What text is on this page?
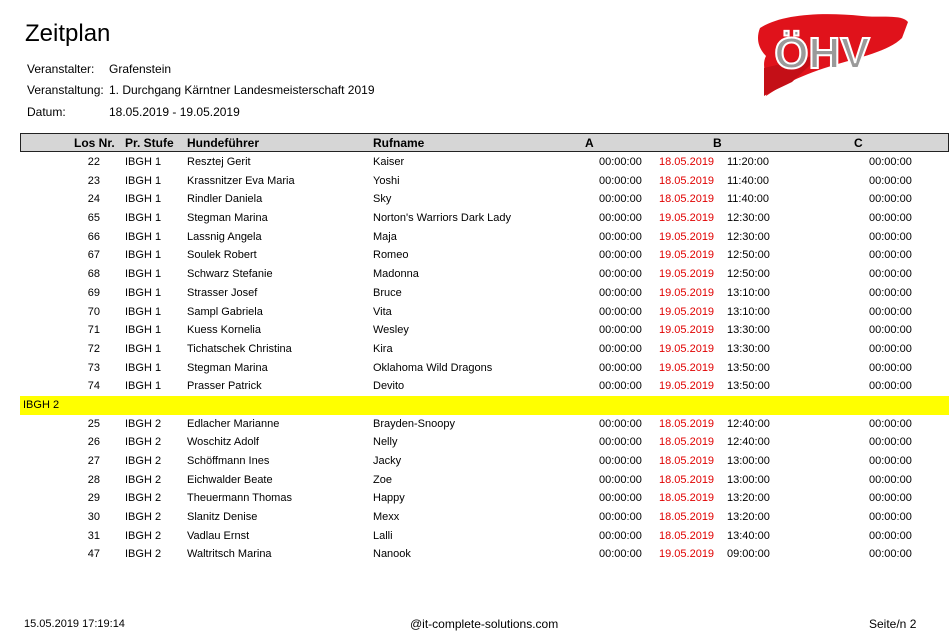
Zeitplan
Veranstalter: Grafenstein
Veranstaltung: 1. Durchgang Kärntner Landesmeisterschaft 2019
Datum:	18.05.2019 - 19.05.2019
ÖHV
Los Nr. Pr. Stufe Hundeführer	Rufname	A	B	C
22 IBGH 1 Resztej Gerit	Kaiser	00:00:00 18.05.2019 11:20:00	00:00:00
23 IBGH 1 Krassnitzer Eva Maria	Yoshi	00:00:00 18.05.2019 11:40:00	00:00:00
24 IBGH 1 Rindler Daniela	Sky	00:00:00 18.05.2019 11:40:00	00:00:00
65 IBGH 1 Stegman Marina	Norton's Warriors Dark Lady	00:00:00 19.05.2019 12:30:00	00:00:00
66 IBGH 1 Lassnig Angela	Maja	00:00:00 19.05.2019 12:30:00	00:00:00
67 IBGH 1 Soulek Robert	Romeo	00:00:00 19.05.2019 12:50:00	00:00:00
68 IBGH 1 Schwarz Stefanie	Madonna	00:00:00 19.05.2019 12:50:00	00:00:00
69 IBGH 1 Strasser Josef	Bruce	00:00:00 19.05.2019 13:10:00	00:00:00
70 IBGH 1 Sampl Gabriela	Vita	00:00:00 19.05.2019 13:10:00	00:00:00
71 IBGH 1 Kuess Kornelia	Wesley	00:00:00 19.05.2019 13:30:00	00:00:00
72 IBGH 1 Tichatschek Christina	Kira	00:00:00 19.05.2019 13:30:00	00:00:00
73 IBGH 1 Stegman Marina	Oklahoma Wild Dragons	00:00:00 19.05.2019 13:50:00	00:00:00
74 IBGH 1 Prasser Patrick	Devito	00:00:00 19.05.2019 13:50:00	00:00:00
IBGH 2
25 IBGH 2 Edlacher Marianne	Brayden-Snoopy	00:00:00 18.05.2019 12:40:00	00:00:00
26 IBGH 2 Woschitz Adolf	Nelly	00:00:00 18.05.2019 12:40:00	00:00:00
27 IBGH 2 Schöffmann Ines	Jacky	00:00:00 18.05.2019 13:00:00	00:00:00
28 IBGH 2 Eichwalder Beate	Zoe	00:00:00 18.05.2019 13:00:00	00:00:00
29 IBGH 2 Theuermann Thomas	Happy	00:00:00 18.05.2019 13:20:00	00:00:00
30 IBGH 2 Slanitz Denise	Mexx	00:00:00 18.05.2019 13:20:00	00:00:00
31 IBGH 2 Vadlau Ernst	Lalli	00:00:00 18.05.2019 13:40:00	00:00:00
47 IBGH 2 Waltritsch Marina	Nanook	00:00:00 19.05.2019 09:00:00	00:00:00
15.05.2019 17:19:14	@it-complete-solutions.com	Seite/n 2
